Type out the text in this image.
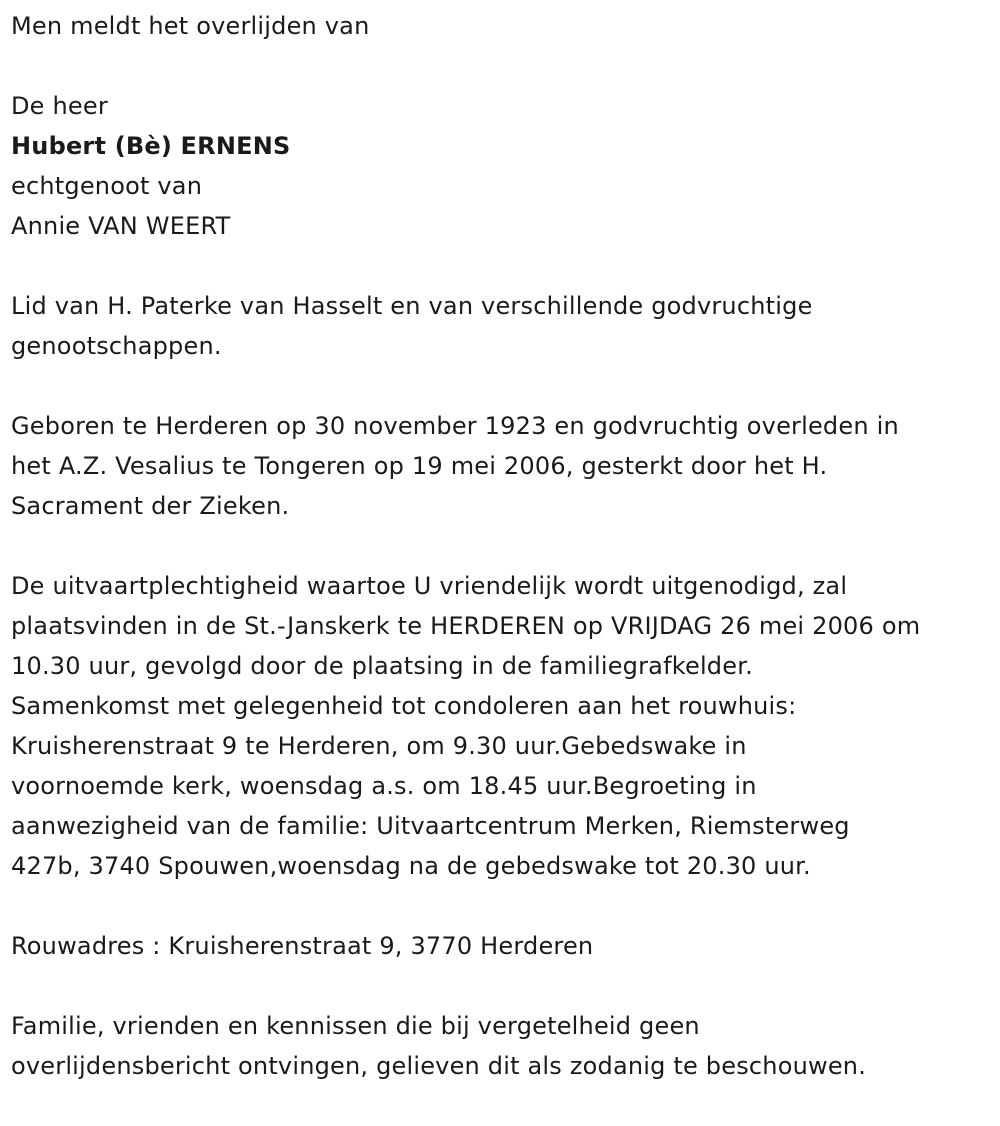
Men meldt het overlijden van
De heer
Hubert (Bè) ERNENS
echtgenoot van
Annie VAN WEERT
Lid van H. Paterke van Hasselt en van verschillende godvruchtige
genootschappen.
Geboren te Herderen op 30 november 1923 en godvruchtig overleden in
het A.Z. Vesalius te Tongeren op 19 mei 2006, gesterkt door het H.
Sacrament der Zieken.
De uitvaartplechtigheid waartoe U vriendelijk wordt uitgenodigd, zal
plaatsvinden in de St.-Janskerk te HERDEREN op VRIJDAG 26 mei 2006 om
10.30 uur, gevolgd door de plaatsing in de familiegrafkelder.
Samenkomst met gelegenheid tot condoleren aan het rouwhuis:
Kruisherenstraat 9 te Herderen, om 9.30 uur.Gebedswake in
voornoemde kerk, woensdag a.s. om 18.45 uur.Begroeting in
aanwezigheid van de familie: Uitvaartcentrum Merken, Riemsterweg
427b, 3740 Spouwen,woensdag na de gebedswake tot 20.30 uur.
Rouwadres : Kruisherenstraat 9, 3770 Herderen
Familie, vrienden en kennissen die bij vergetelheid geen
overlijdensbericht ontvingen, gelieven dit als zodanig te beschouwen.
